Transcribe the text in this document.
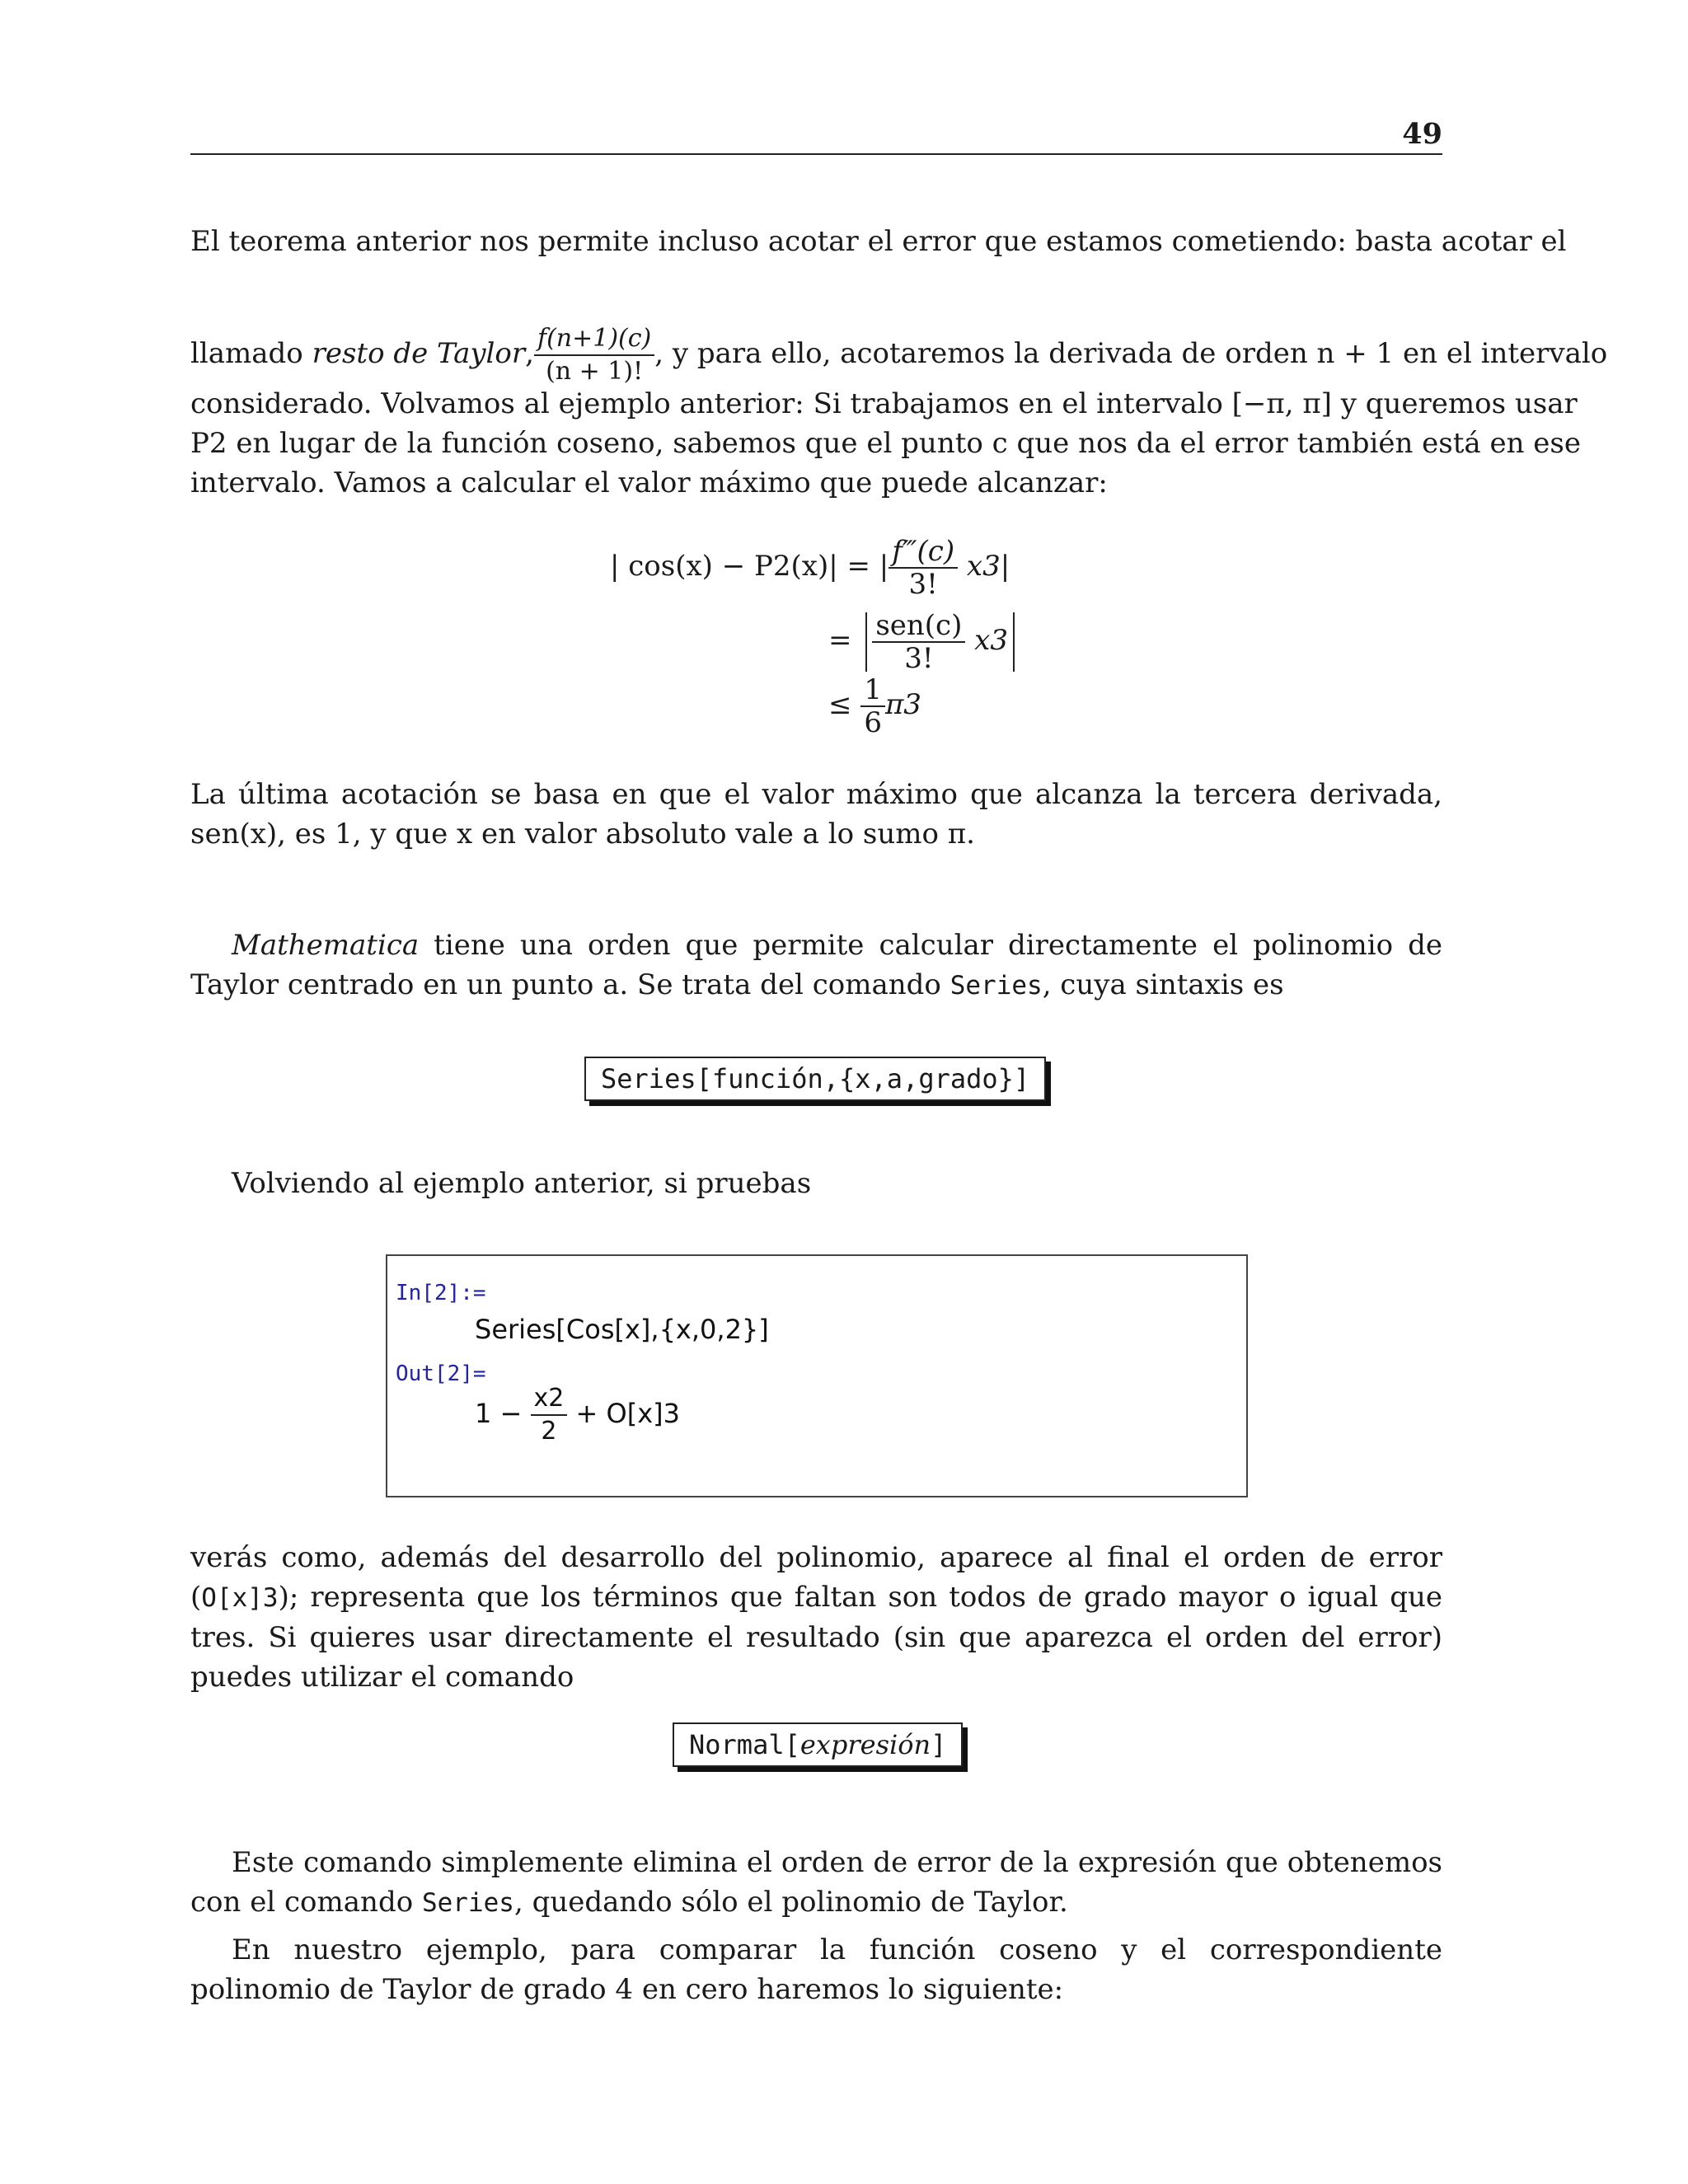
49
El teorema anterior nos permite incluso acotar el error que estamos cometiendo: basta acotar el
llamado resto de Taylor, $\frac{f(n+1)(c)}{(n + 1)!}$ , y para ello, acotaremos la derivada de orden n + 1 en el intervalo
considerado. Volvamos al ejemplo anterior: Si trabajamos en el intervalo [−π, π] y queremos usar
P2 en lugar de la función coseno, sabemos que el punto c que nos da el error también está en ese
intervalo. Vamos a calcular el valor máximo que puede alcanzar:
| cos(x) − P2(x)| = | $\frac{f‴(c)}{3!} x3|$
= $\frac{\text{sen(c)}}{3!} x3$
≤ $\frac{1}{6} \pi 3$
La última acotación se basa en que el valor máximo que alcanza la tercera derivada, sen(x), es 1, y que x en valor absoluto vale a lo sumo π.
Mathematica tiene una orden que permite calcular directamente el polinomio de Taylor centrado en un punto a. Se trata del comando Series, cuya sintaxis es
Series[función,{x,a,grado}]
Volviendo al ejemplo anterior, si pruebas
In[2]:=
Series[Cos[x],{x,0,2}]
Out[2]=
$1 - \frac{x2}{2} + O[x]3$
verás como, además del desarrollo del polinomio, aparece al final el orden de error (O[x]3); representa que los términos que faltan son todos de grado mayor o igual que tres. Si quieres usar directamente el resultado (sin que aparezca el orden del error) puedes utilizar el comando
Normal[expresión]
Este comando simplemente elimina el orden de error de la expresión que obtenemos con el comando Series, quedando sólo el polinomio de Taylor.
En nuestro ejemplo, para comparar la función coseno y el correspondiente polinomio de Taylor de grado 4 en cero haremos lo siguiente:
